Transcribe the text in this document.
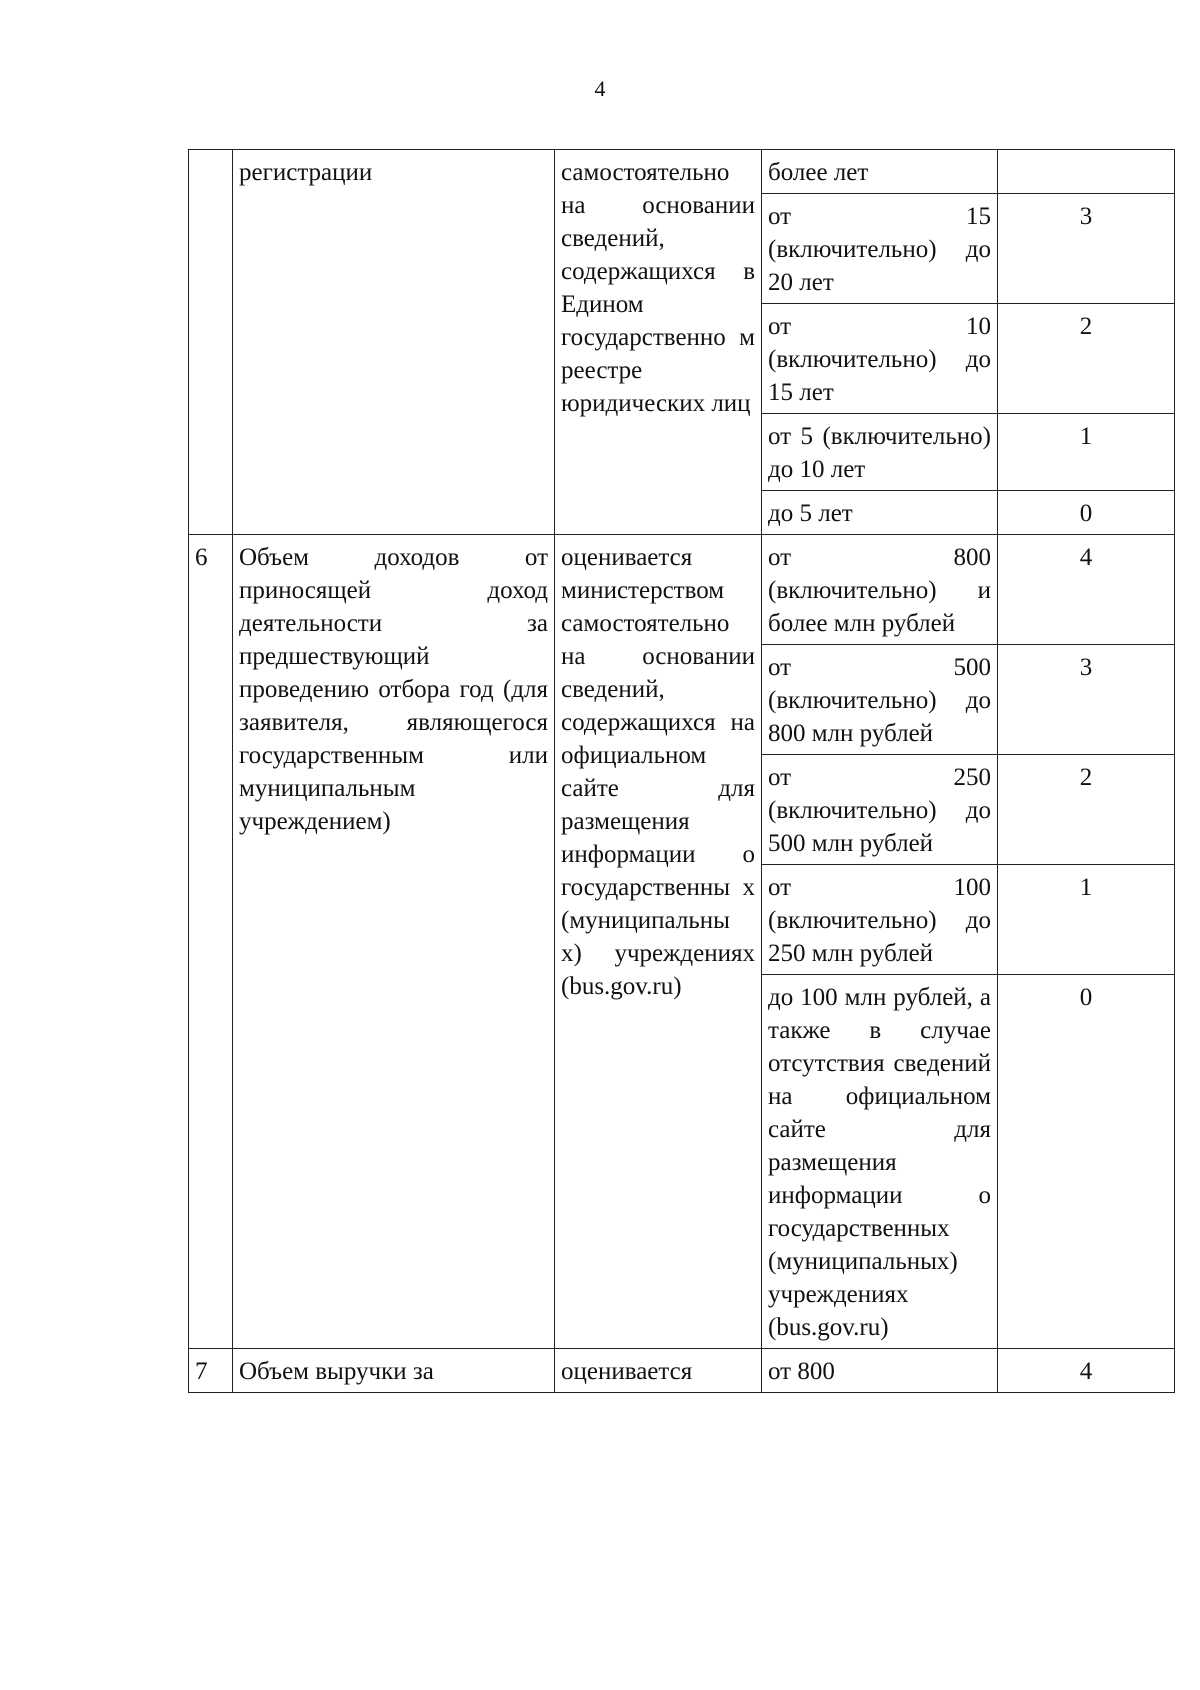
4
	регистрации	самостоятельно на основании сведений, содержащихся в Едином государственно м реестре юридических лиц	более лет	
			от 15 (включительно) до 20 лет	3
			от 10 (включительно) до 15 лет	2
			от 5 (включительно) до 10 лет	1
			до 5 лет	0
6	Объем доходов от приносящей доход деятельности за предшествующий проведению отбора год (для заявителя, являющегося государственным или муниципальным учреждением)	оценивается министерством самостоятельно на основании сведений, содержащихся на официальном сайте для размещения информации о государственны х (муниципальны х) учреждениях (bus.gov.ru)	от 800 (включительно) и более млн рублей	4
			от 500 (включительно) до 800 млн рублей	3
			от 250 (включительно) до 500 млн рублей	2
			от 100 (включительно) до 250 млн рублей	1
			до 100 млн рублей, а также в случае отсутствия сведений на официальном сайте для размещения информации о государственных (муниципальных) учреждениях (bus.gov.ru)	0
7	Объем выручки за	оценивается	от 800	4
